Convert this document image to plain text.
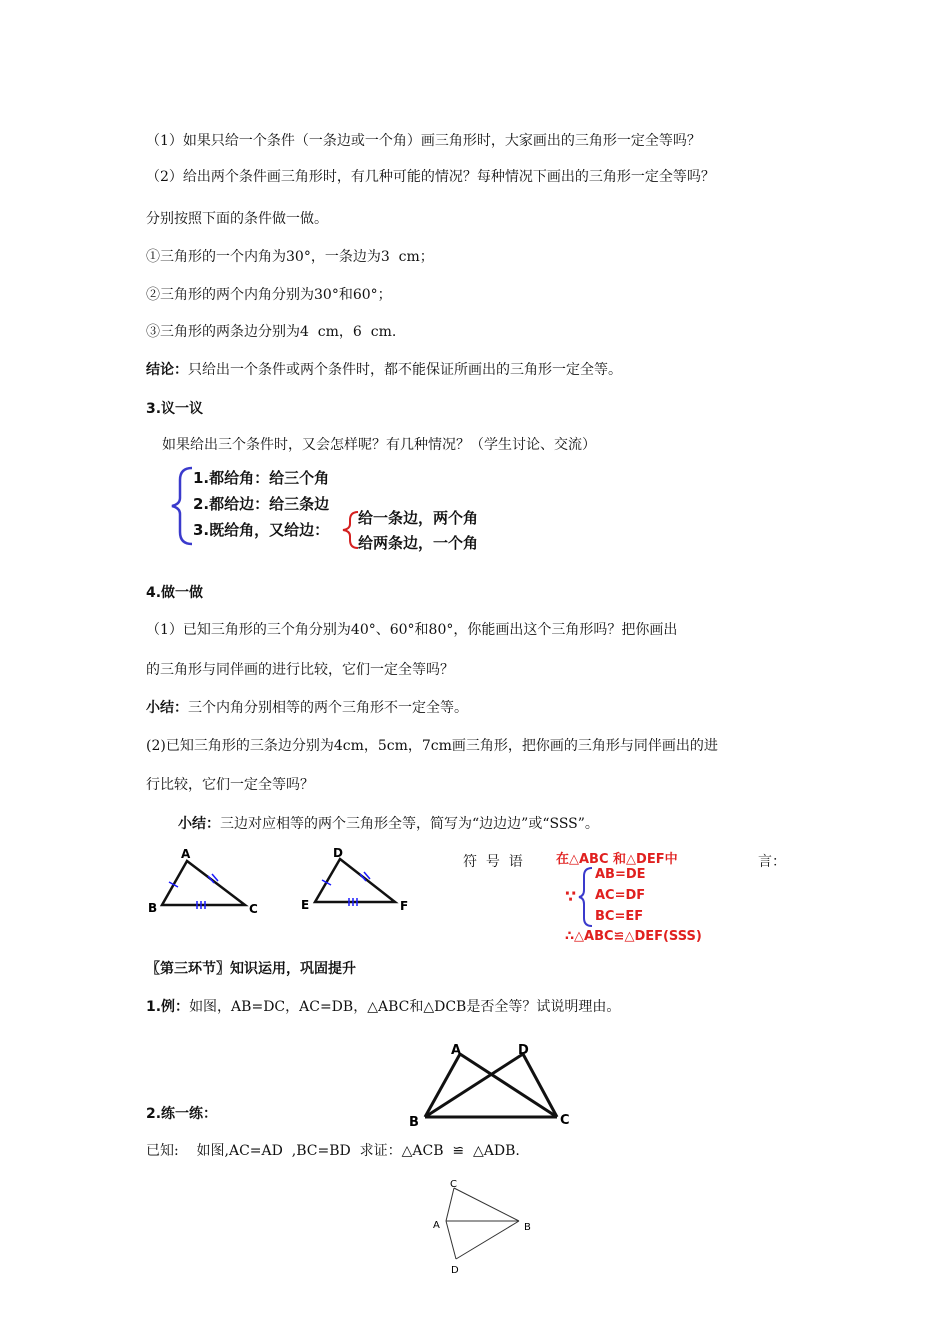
（1）如果只给一个条件（一条边或一个角）画三角形时，大家画出的三角形一定全等吗？
（2）给出两个条件画三角形时，有几种可能的情况？每种情况下画出的三角形一定全等吗？
分别按照下面的条件做一做。
①三角形的一个内角为30°，一条边为3  cm；
②三角形的两个内角分别为30°和60°；
③三角形的两条边分别为4  cm，6  cm.
结论：只给出一个条件或两个条件时，都不能保证所画出的三角形一定全等。
3.议一议
如果给出三个条件时，又会怎样呢？有几种情况？（学生讨论、交流）
1.都给角：给三个角
2.都给边：给三条边
3.既给角，又给边：
给一条边，两个角
给两条边，一个角
4.做一做
（1）已知三角形的三个角分别为40°、60°和80°，你能画出这个三角形吗？把你画出
的三角形与同伴画的进行比较，它们一定全等吗？
小结：三个内角分别相等的两个三角形不一定全等。
(2)已知三角形的三条边分别为4cm，5cm，7cm画三角形，把你画的三角形与同伴画出的进
行比较，它们一定全等吗？
小结：三边对应相等的两个三角形全等，简写为“边边边”或“SSS”。
A
B	C
D
E	F
符  号  语	言：
在△ABC 和△DEF中
∵
AB=DE
AC=DF
BC=EF
∴△ABC≌△DEF(SSS)
〖第三环节〗知识运用，巩固提升
1.例：如图，AB=DC，AC=DB，△ABC和△DCB是否全等？试说明理由。
A	D
B	C
2.练一练：
已知:    如图,AC=AD  ,BC=BD  求证：△ACB  ≌  △ADB.
C
A	B
D
